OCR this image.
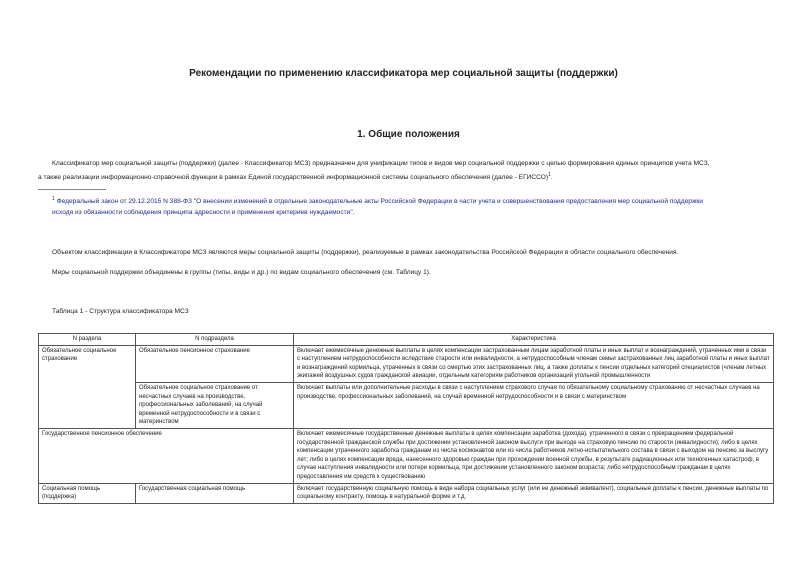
Рекомендации по применению классификатора мер социальной защиты (поддержки)
1. Общие положения
Классификатор мер социальной защиты (поддержки) (далее - Классификатор МСЗ) предназначен для унификации типов и видов мер социальной поддержки с целью формирования единых принципов учета МСЗ,
а также реализации информационно-справочной функции в рамках Единой государственной информационной системы социального обеспечения (далее - ЕГИССО)$^1$.
$^1$ Федеральный закон от 29.12.2015 N 388-ФЗ "О внесении изменений в отдельные законодательные акты Российской Федерации в части учета и совершенствования предоставления мер социальной поддержки
исходя из обязанности соблюдения принципа адресности и применения критериев нуждаемости".
Объектом классификации в Классификаторе МСЗ являются меры социальной защиты (поддержки), реализуемые в рамках законодательства Российской Федерации в области социального обеспечения.
Меры социальной поддержки объединены в группы (типы, виды и др.) по видам социального обеспечения (см. Таблицу 1).
Таблица 1 - Структура классификатора МСЗ
N раздела	N подраздела	Характеристика
Обязательное социальное страхование	Обязательное пенсионное страхование	Включает ежемесячные денежные выплаты в целях компенсации застрахованным лицам заработной платы и иных выплат и вознаграждений, утраченных ими в связи с наступлением нетрудоспособности вследствие старости или инвалидности, а нетрудоспособным членам семьи застрахованных лиц заработной платы и иных выплат и вознаграждений кормильца, утраченных в связи со смертью этих застрахованных лиц, а также доплаты к пенсии отдельных категорий специалистов (членам летных экипажей воздушных судов гражданской авиации, отдельным категориям работников организаций угольной промышленности
	Обязательное социальное страхование от несчастных случаев на производстве, профессиональных заболеваний, на случай временной нетрудоспособности и в связи с материнством	Включает выплаты или дополнительные расходы в связи с наступлением страхового случая по обязательному социальному страхованию от несчастных случаев на производстве, профессиональных заболеваний, на случай временной нетрудоспособности и в связи с материнством
Государственное пенсионное обеспечение		Включает ежемесячные государственные денежные выплаты в целях компенсации заработка (дохода), утраченного в связи с прекращением федеральной государственной гражданской службы при достижении установленной законом выслуги при выходе на страховую пенсию по старости (инвалидности); либо в целях компенсации утраченного заработка гражданам из числа космонавтов или из числа работников летно-испытательного состава в связи с выходом на пенсию за выслугу лет; либо в целях компенсации вреда, нанесенного здоровью граждан при прохождении военной службы, в результате радиационных или техногенных катастроф, в случае наступления инвалидности или потери кормильца, при достижении установленного законом возраста; либо нетрудоспособным гражданам в целях предоставления им средств к существованию
Социальная помощь (поддержка)	Государственная социальная помощь	Включает государственную социальную помощь в виде набора социальных услуг (или ее денежный эквивалент), социальные доплаты к пенсии, денежные выплаты по социальному контракту, помощь в натуральной форме и т.д.
